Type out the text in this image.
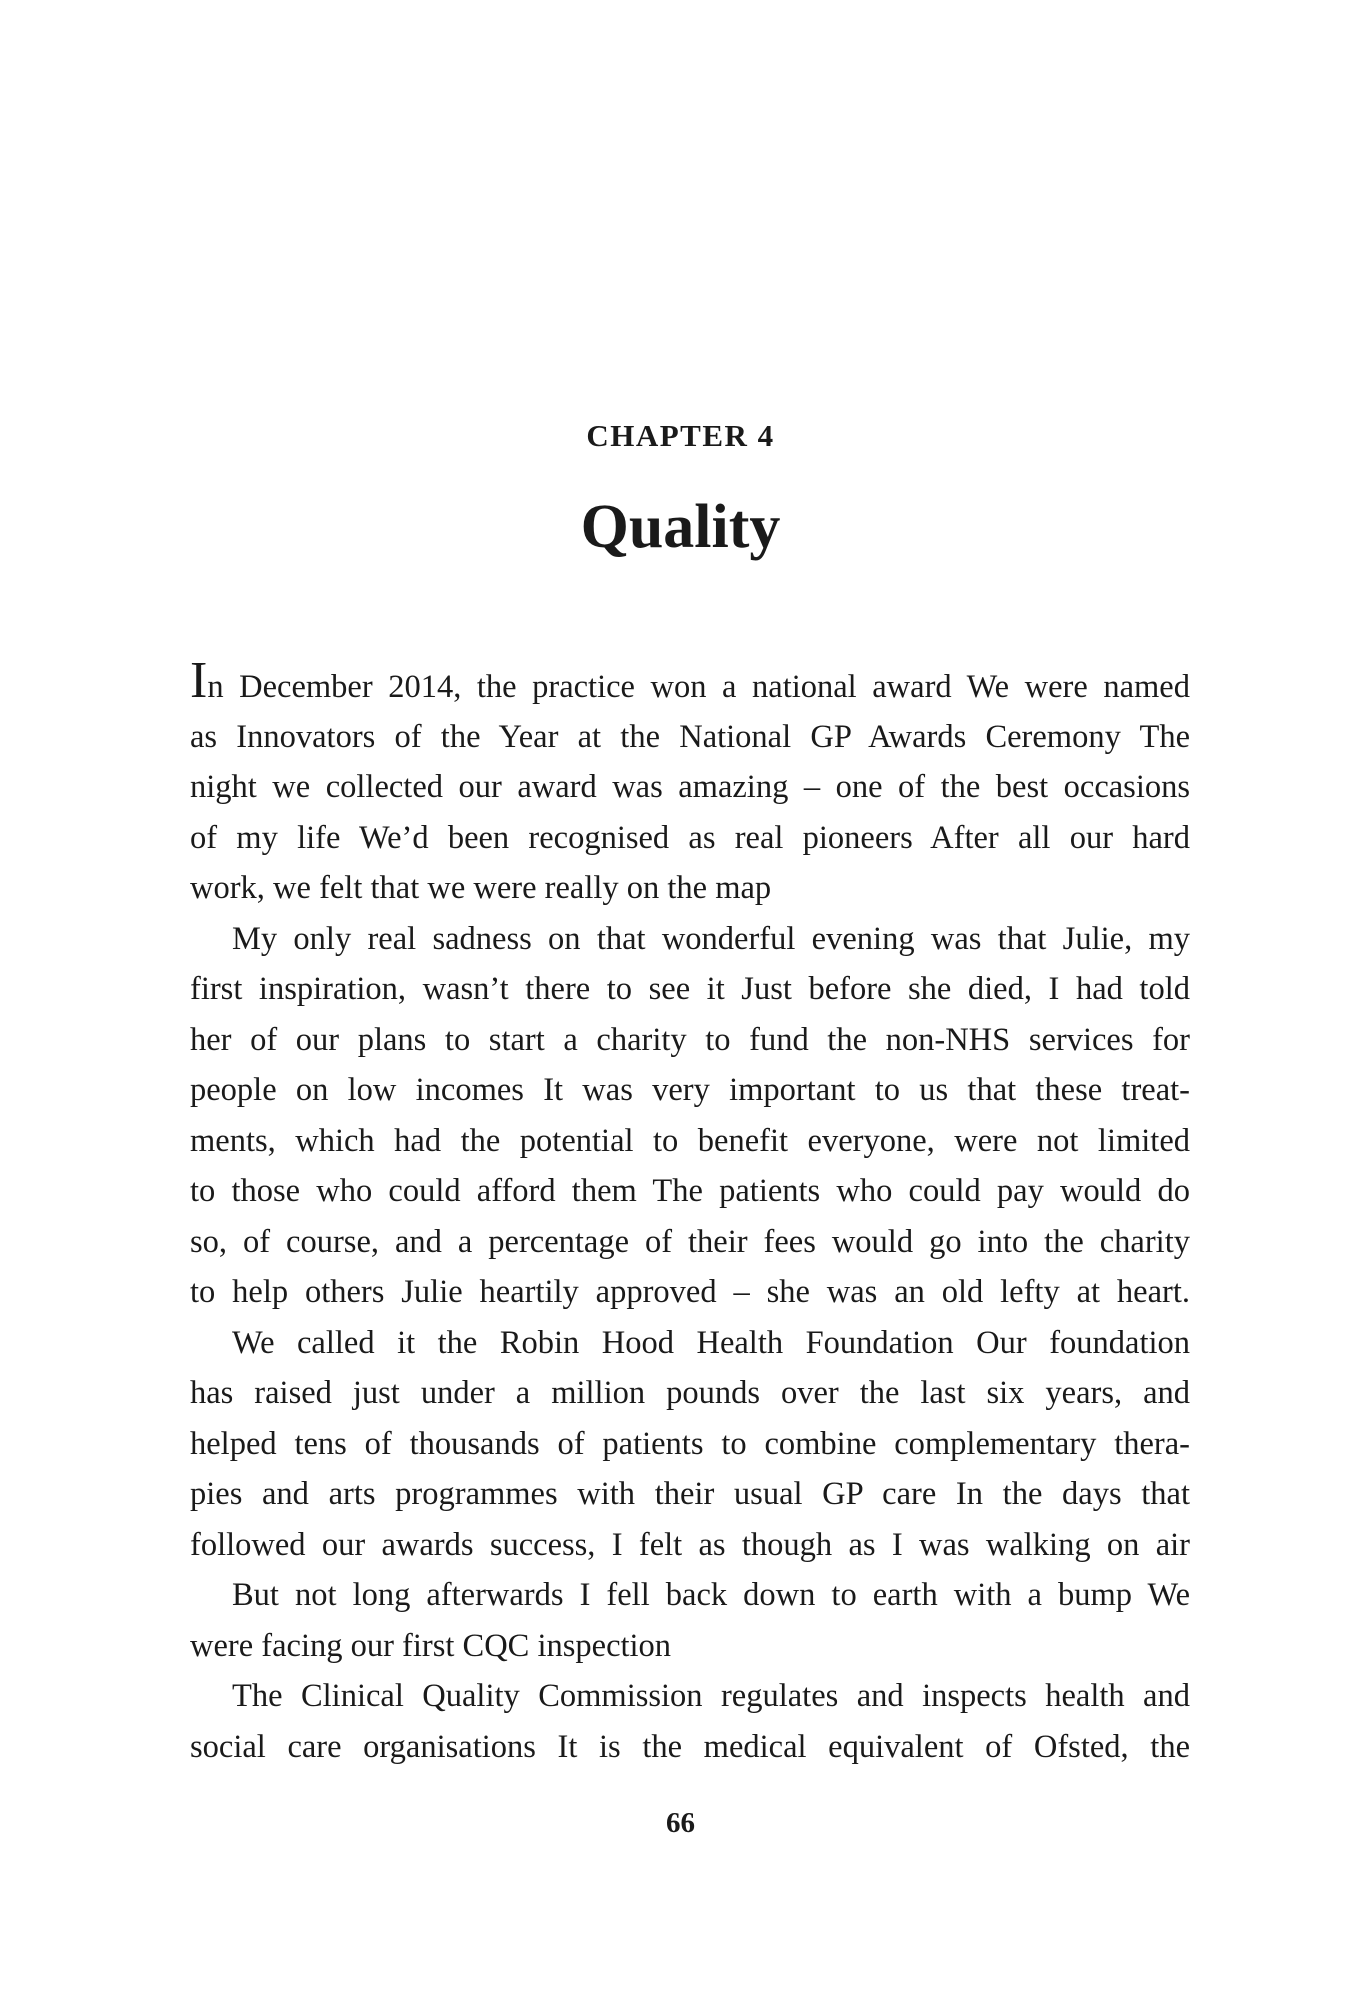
CHAPTER 4
Quality
In December 2014, the practice won a national award We were named
as Innovators of the Year at the National GP Awards Ceremony The
night we collected our award was amazing – one of the best occasions
of my life We’d been recognised as real pioneers After all our hard
work, we felt that we were really on the map
My only real sadness on that wonderful evening was that Julie, my
first inspiration, wasn’t there to see it Just before she died, I had told
her of our plans to start a charity to fund the non-NHS services for
people on low incomes It was very important to us that these treat-
ments, which had the potential to benefit everyone, were not limited
to those who could afford them The patients who could pay would do
so, of course, and a percentage of their fees would go into the charity
to help others Julie heartily approved – she was an old lefty at heart.
We called it the Robin Hood Health Foundation Our foundation
has raised just under a million pounds over the last six years, and
helped tens of thousands of patients to combine complementary thera-
pies and arts programmes with their usual GP care In the days that
followed our awards success, I felt as though as I was walking on air
But not long afterwards I fell back down to earth with a bump We
were facing our first CQC inspection
The Clinical Quality Commission regulates and inspects health and
social care organisations It is the medical equivalent of Ofsted, the
66
